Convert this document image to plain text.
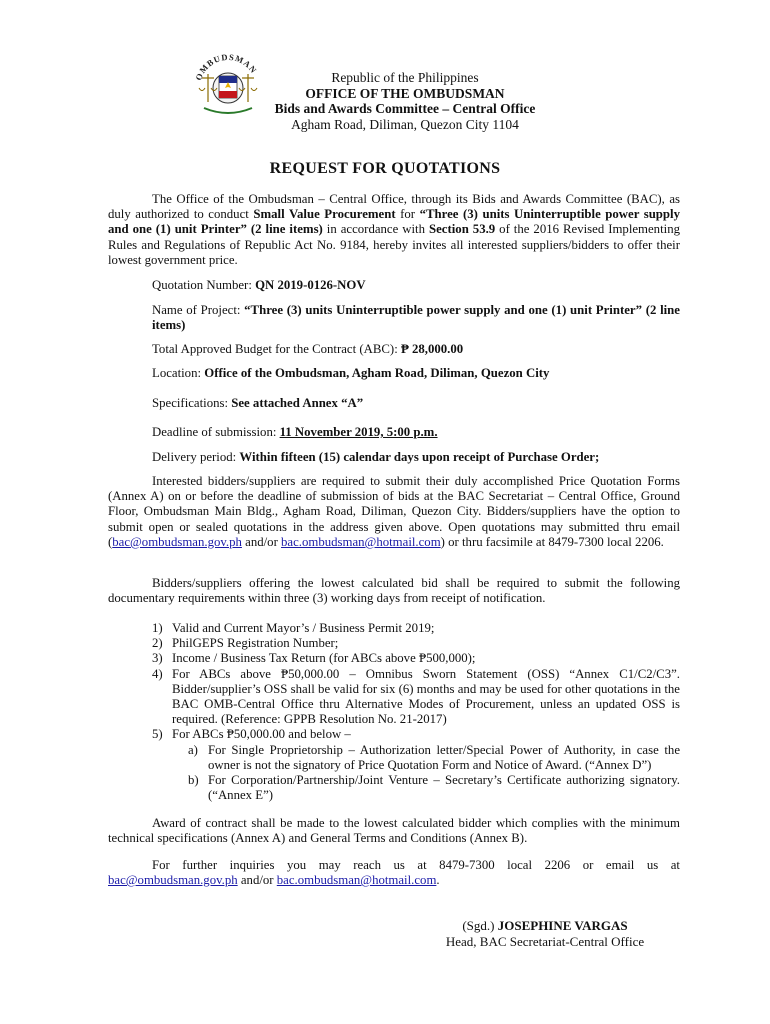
OMBUDSMAN
Republic of the Philippines
OFFICE OF THE OMBUDSMAN
Bids and Awards Committee – Central Office
Agham Road, Diliman, Quezon City 1104
REQUEST FOR QUOTATIONS
The Office of the Ombudsman – Central Office, through its Bids and Awards Committee (BAC), as duly authorized to conduct Small Value Procurement for “Three (3) units Uninterruptible power supply and one (1) unit Printer” (2 line items) in accordance with Section 53.9 of the 2016 Revised Implementing Rules and Regulations of Republic Act No. 9184, hereby invites all interested suppliers/bidders to offer their lowest government price.
Quotation Number: QN 2019-0126-NOV
Name of Project: “Three (3) units Uninterruptible power supply and one (1) unit Printer” (2 line items)
Total Approved Budget for the Contract (ABC): ₱ 28,000.00
Location: Office of the Ombudsman, Agham Road, Diliman, Quezon City
Specifications: See attached Annex “A”
Deadline of submission: 11 November 2019, 5:00 p.m.
Delivery period: Within fifteen (15) calendar days upon receipt of Purchase Order;
Interested bidders/suppliers are required to submit their duly accomplished Price Quotation Forms (Annex A) on or before the deadline of submission of bids at the BAC Secretariat – Central Office, Ground Floor, Ombudsman Main Bldg., Agham Road, Diliman, Quezon City. Bidders/suppliers have the option to submit open or sealed quotations in the address given above. Open quotations may submitted thru email (bac@ombudsman.gov.ph and/or bac.ombudsman@hotmail.com) or thru facsimile at 8479-7300 local 2206.
Bidders/suppliers offering the lowest calculated bid shall be required to submit the following documentary requirements within three (3) working days from receipt of notification.
1) Valid and Current Mayor’s / Business Permit 2019;
2) PhilGEPS Registration Number;
3) Income / Business Tax Return (for ABCs above ₱500,000);
4) For ABCs above ₱50,000.00 – Omnibus Sworn Statement (OSS) “Annex C1/C2/C3”. Bidder/supplier’s OSS shall be valid for six (6) months and may be used for other quotations in the BAC OMB-Central Office thru Alternative Modes of Procurement, unless an updated OSS is required. (Reference: GPPB Resolution No. 21-2017)
5) For ABCs ₱50,000.00 and below –
a) For Single Proprietorship – Authorization letter/Special Power of Authority, in case the owner is not the signatory of Price Quotation Form and Notice of Award. (“Annex D”)
b) For Corporation/Partnership/Joint Venture – Secretary’s Certificate authorizing signatory. (“Annex E”)
Award of contract shall be made to the lowest calculated bidder which complies with the minimum technical specifications (Annex A) and General Terms and Conditions (Annex B).
For further inquiries you may reach us at 8479-7300 local 2206 or email us at bac@ombudsman.gov.ph and/or bac.ombudsman@hotmail.com.
(Sgd.) JOSEPHINE VARGAS
Head, BAC Secretariat-Central Office
